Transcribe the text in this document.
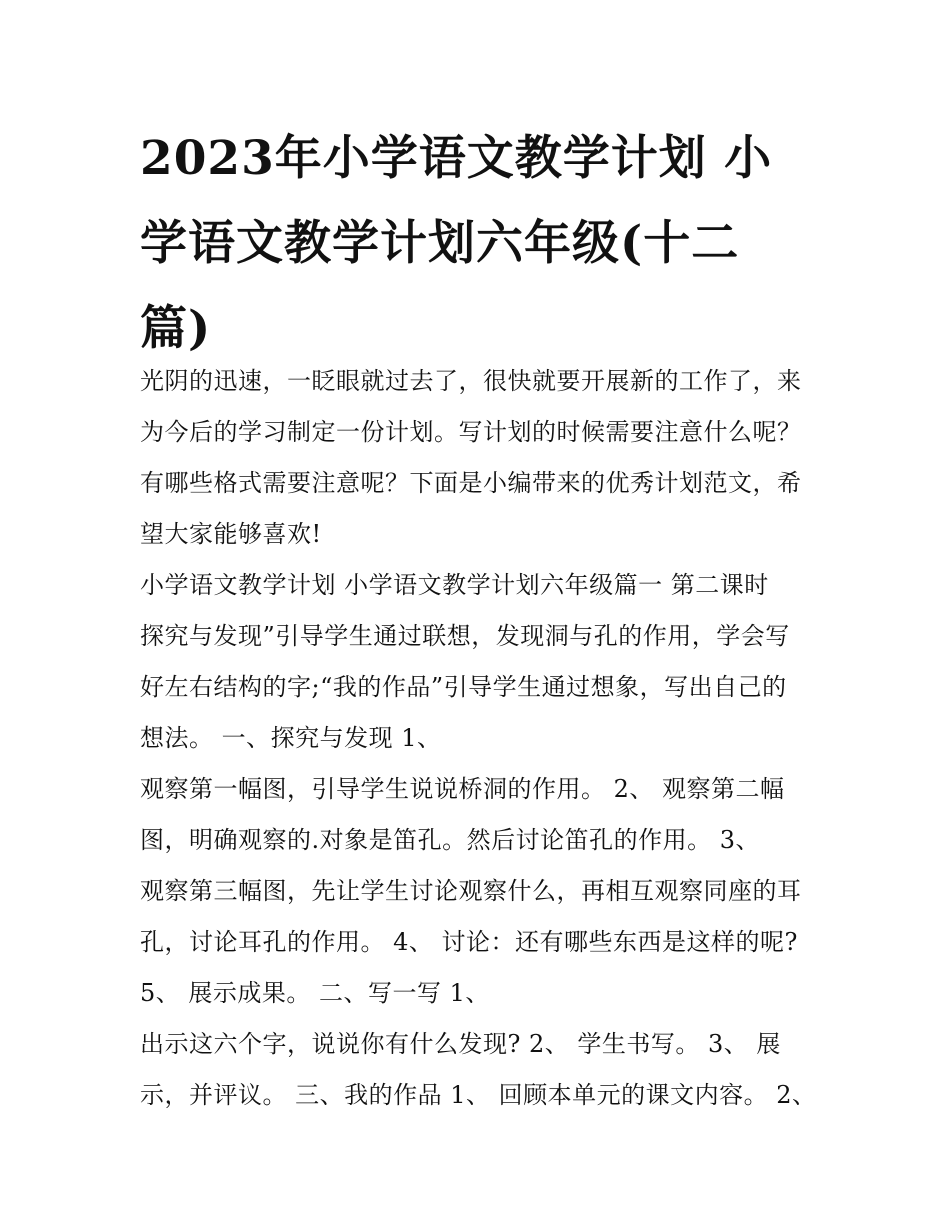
2023年小学语文教学计划 小
学语文教学计划六年级(十二
篇)
光阴的迅速，一眨眼就过去了，很快就要开展新的工作了，来
为今后的学习制定一份计划。写计划的时候需要注意什么呢？
有哪些格式需要注意呢？下面是小编带来的优秀计划范文，希
望大家能够喜欢!
小学语文教学计划 小学语文教学计划六年级篇一 第二课时
探究与发现”引导学生通过联想，发现洞与孔的作用，学会写
好左右结构的字;“我的作品”引导学生通过想象，写出自己的
想法。 一、探究与发现 1、
观察第一幅图，引导学生说说桥洞的作用。 2、 观察第二幅
图，明确观察的.对象是笛孔。然后讨论笛孔的作用。 3、
观察第三幅图，先让学生讨论观察什么，再相互观察同座的耳
孔，讨论耳孔的作用。 4、 讨论：还有哪些东西是这样的呢?
5、 展示成果。 二、写一写 1、
出示这六个字，说说你有什么发现? 2、 学生书写。 3、 展
示，并评议。 三、我的作品 1、 回顾本单元的课文内容。 2、
